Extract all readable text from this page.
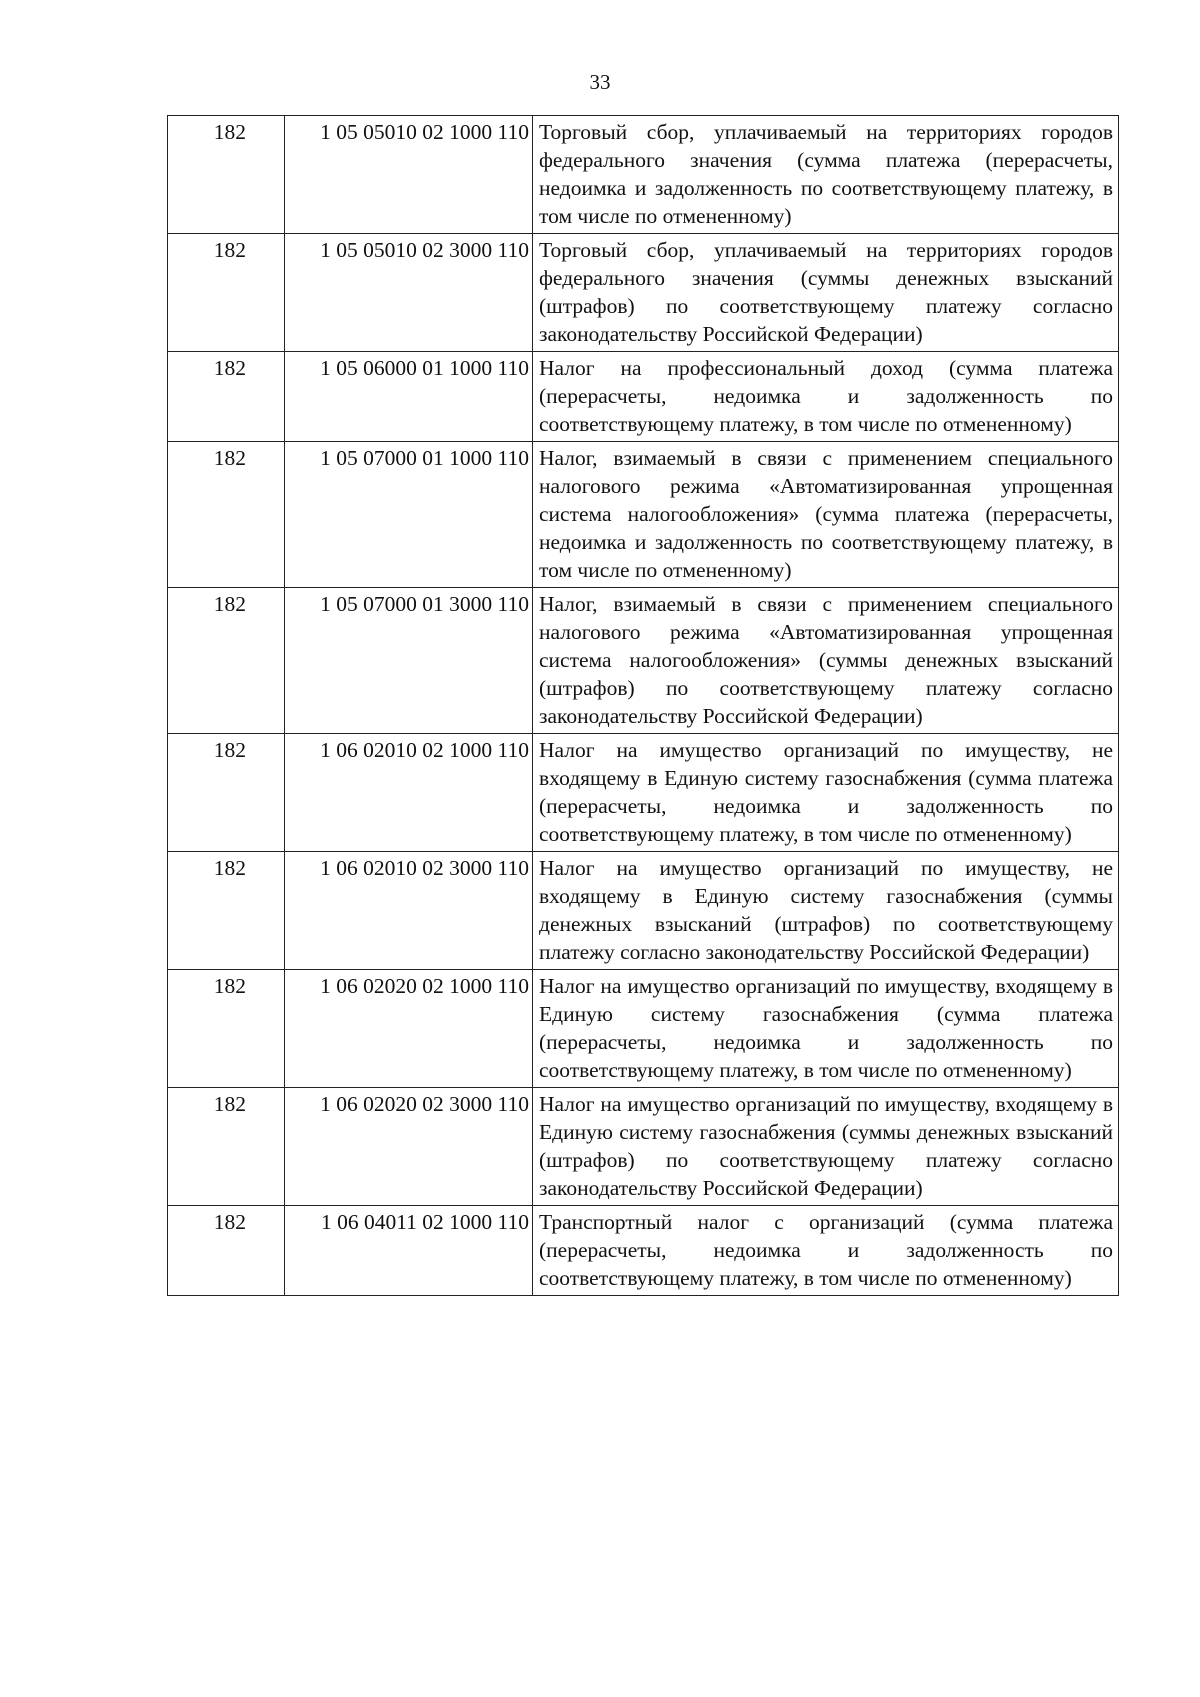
33
182	1 05 05010 02 1000 110	Торговый сбор, уплачиваемый на территориях городов федерального значения (сумма платежа (перерасчеты, недоимка и задолженность по соответствующему платежу, в том числе по отмененному)
182	1 05 05010 02 3000 110	Торговый сбор, уплачиваемый на территориях городов федерального значения (суммы денежных взысканий (штрафов) по соответствующему платежу согласно законодательству Российской Федерации)
182	1 05 06000 01 1000 110	Налог на профессиональный доход (сумма платежа (перерасчеты, недоимка и задолженность по соответствующему платежу, в том числе по отмененному)
182	1 05 07000 01 1000 110	Налог, взимаемый в связи с применением специального налогового режима «Автоматизированная упрощенная система налогообложения» (сумма платежа (перерасчеты, недоимка и задолженность по соответствующему платежу, в том числе по отмененному)
182	1 05 07000 01 3000 110	Налог, взимаемый в связи с применением специального налогового режима «Автоматизированная упрощенная система налогообложения» (суммы денежных взысканий (штрафов) по соответствующему платежу согласно законодательству Российской Федерации)
182	1 06 02010 02 1000 110	Налог на имущество организаций по имуществу, не входящему в Единую систему газоснабжения (сумма платежа (перерасчеты, недоимка и задолженность по соответствующему платежу, в том числе по отмененному)
182	1 06 02010 02 3000 110	Налог на имущество организаций по имуществу, не входящему в Единую систему газоснабжения (суммы денежных взысканий (штрафов) по соответствующему платежу согласно законодательству Российской Федерации)
182	1 06 02020 02 1000 110	Налог на имущество организаций по имуществу, входящему в Единую систему газоснабжения (сумма платежа (перерасчеты, недоимка и задолженность по соответствующему платежу, в том числе по отмененному)
182	1 06 02020 02 3000 110	Налог на имущество организаций по имуществу, входящему в Единую систему газоснабжения (суммы денежных взысканий (штрафов) по соответствующему платежу согласно законодательству Российской Федерации)
182	1 06 04011 02 1000 110	Транспортный налог с организаций (сумма платежа (перерасчеты, недоимка и задолженность по соответствующему платежу, в том числе по отмененному)
